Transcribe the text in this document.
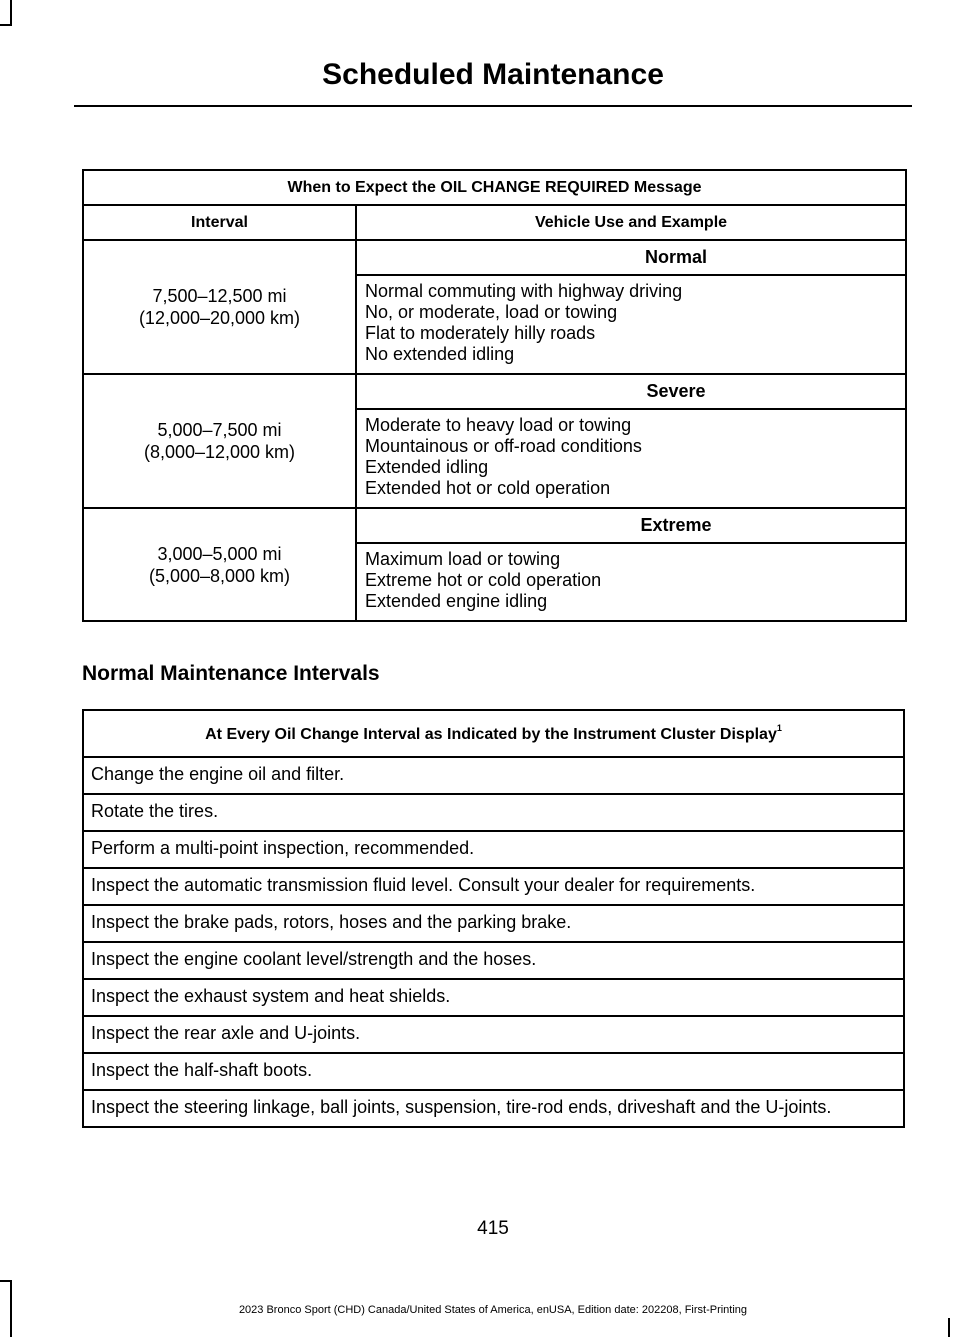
Scheduled Maintenance
When to Expect the OIL CHANGE REQUIRED Message	
Interval	Vehicle Use and Example

7,500–12,500 mi
(12,000–20,000 km)	Normal

	Normal commuting with highway driving
No, or moderate, load or towing
Flat to moderately hilly roads
No extended idling

5,000–7,500 mi
(8,000–12,000 km)	Severe

	Moderate to heavy load or towing
Mountainous or off-road conditions
Extended idling
Extended hot or cold operation

3,000–5,000 mi
(5,000–8,000 km)	Extreme

	Maximum load or towing
Extreme hot or cold operation
Extended engine idling
Normal Maintenance Intervals
At Every Oil Change Interval as Indicated by the Instrument Cluster Display$^1$
Change the engine oil and filter.
Rotate the tires.
Perform a multi-point inspection, recommended.
Inspect the automatic transmission fluid level. Consult your dealer for requirements.
Inspect the brake pads, rotors, hoses and the parking brake.
Inspect the engine coolant level/strength and the hoses.
Inspect the exhaust system and heat shields.
Inspect the rear axle and U-joints.
Inspect the half-shaft boots.
Inspect the steering linkage, ball joints, suspension, tire-rod ends, driveshaft and the U-joints.
415
2023 Bronco Sport (CHD) Canada/United States of America, enUSA, Edition date: 202208, First-Printing
